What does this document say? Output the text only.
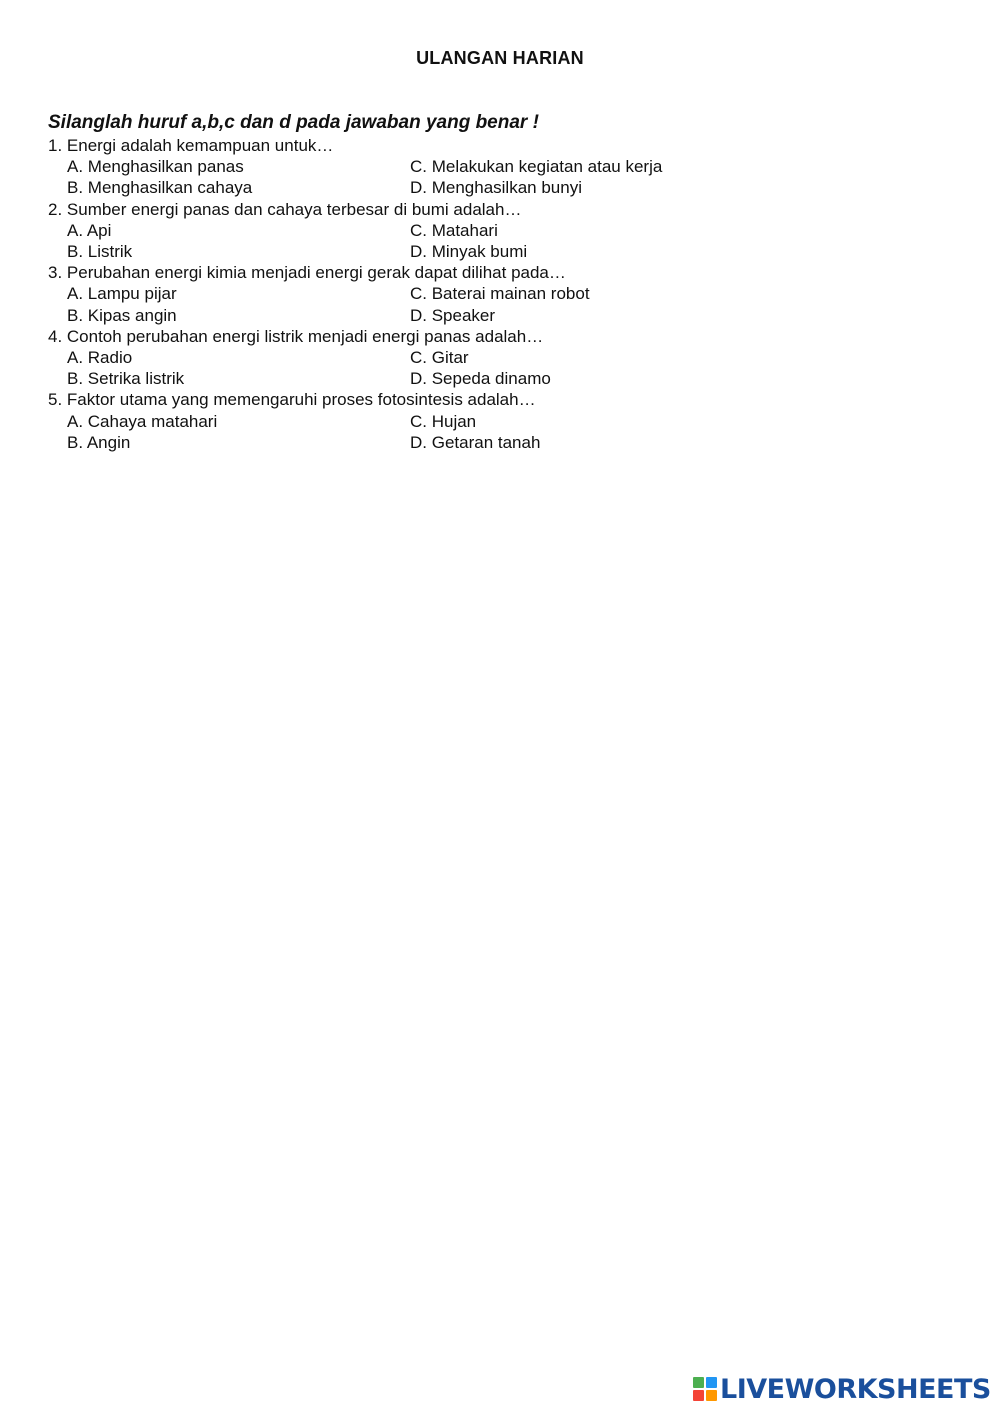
ULANGAN HARIAN
Silanglah huruf a,b,c dan d pada jawaban yang benar !
1. Energi adalah kemampuan untuk…
A. Menghasilkan panas	C. Melakukan kegiatan atau kerja
B. Menghasilkan cahaya	D. Menghasilkan bunyi
2. Sumber energi panas dan cahaya terbesar di bumi adalah…
A. Api	C. Matahari
B. Listrik	D. Minyak bumi
3. Perubahan energi kimia menjadi energi gerak dapat dilihat pada…
A. Lampu pijar	C. Baterai mainan robot
B. Kipas angin	D. Speaker
4. Contoh perubahan energi listrik menjadi energi panas adalah…
A. Radio	C. Gitar
B. Setrika listrik	D. Sepeda dinamo
5. Faktor utama yang memengaruhi proses fotosintesis adalah…
A. Cahaya matahari	C. Hujan
B. Angin	D. Getaran tanah
LIVEWORKSHEETS
